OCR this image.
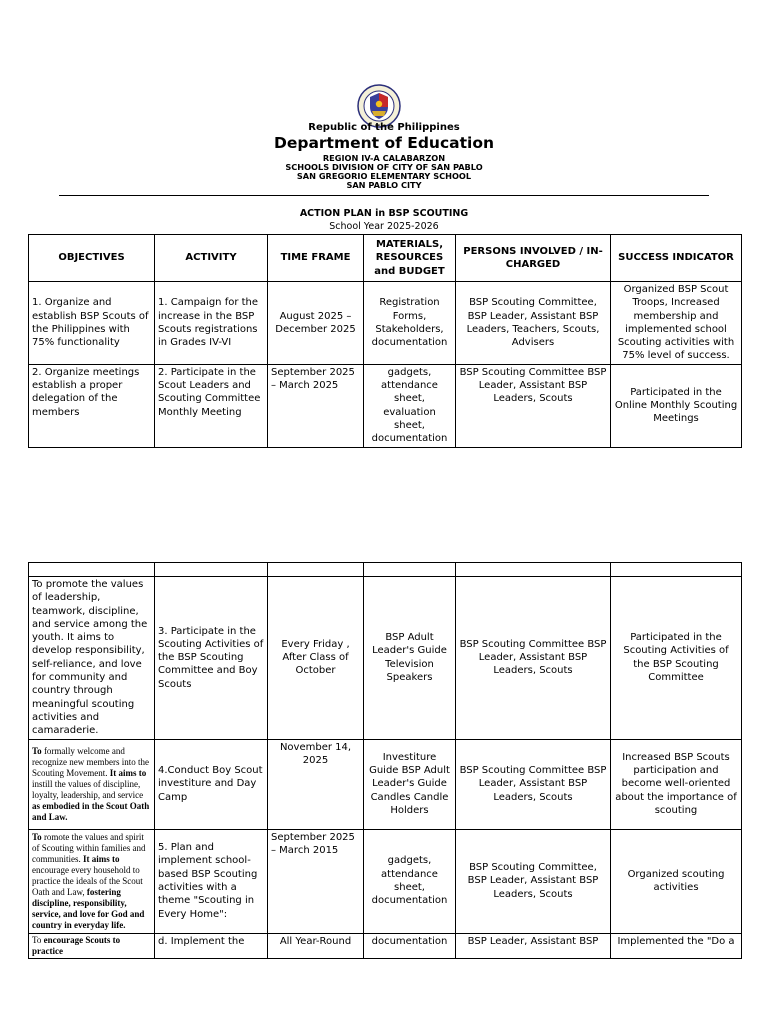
Republic of the Philippines
Department of Education
REGION IV-A CALABARZON
SCHOOLS DIVISION OF CITY OF SAN PABLO
SAN GREGORIO ELEMENTARY SCHOOL
SAN PABLO CITY
ACTION PLAN in BSP SCOUTING
School Year 2025-2026
OBJECTIVES	ACTIVITY	TIME FRAME	MATERIALS, RESOURCES and BUDGET	PERSONS INVOLVED / IN-CHARGED	SUCCESS INDICATOR
1. Organize and establish BSP Scouts of the Philippines with 75% functionality	1. Campaign for the increase in the BSP Scouts registrations in Grades IV-VI	August 2025 – December 2025	Registration Forms, Stakeholders, documentation	BSP Scouting Committee, BSP Leader, Assistant BSP Leaders, Teachers, Scouts, Advisers	Organized BSP Scout Troops, Increased membership and implemented school Scouting activities with 75% level of success.
2. Organize meetings establish a proper delegation of the members	2. Participate in the Scout Leaders and Scouting Committee Monthly Meeting	September 2025 – March 2025	gadgets, attendance sheet, evaluation sheet, documentation	BSP Scouting Committee BSP Leader, Assistant BSP Leaders, Scouts	Participated in the Online Monthly Scouting Meetings

To promote the values of leadership, teamwork, discipline, and service among the youth. It aims to develop responsibility, self-reliance, and love for community and country through meaningful scouting activities and camaraderie.	3. Participate in the Scouting Activities of the BSP Scouting Committee and Boy Scouts	Every Friday , After Class of October	BSP Adult Leader's Guide Television Speakers	BSP Scouting Committee BSP Leader, Assistant BSP Leaders, Scouts	Participated in the Scouting Activities of the BSP Scouting Committee
To formally welcome and recognize new members into the Scouting Movement. It aims to instill the values of discipline, loyalty, leadership, and service as embodied in the Scout Oath and Law.	4.Conduct Boy Scout investiture and Day Camp	November 14, 2025	Investiture Guide BSP Adult Leader's Guide Candles Candle Holders	BSP Scouting Committee BSP Leader, Assistant BSP Leaders, Scouts	Increased BSP Scouts participation and become well-oriented about the importance of scouting
To romote the values and spirit of Scouting within families and communities. It aims to encourage every household to practice the ideals of the Scout Oath and Law, fostering discipline, responsibility, service, and love for God and country in everyday life.	5. Plan and implement school-based BSP Scouting activities with a theme "Scouting in Every Home":	September 2025 – March 2015	gadgets, attendance sheet, documentation	BSP Scouting Committee, BSP Leader, Assistant BSP Leaders, Scouts	Organized scouting activities
To encourage Scouts to practice	d. Implement the	All Year-Round	documentation	BSP Leader, Assistant BSP	Implemented the "Do a
